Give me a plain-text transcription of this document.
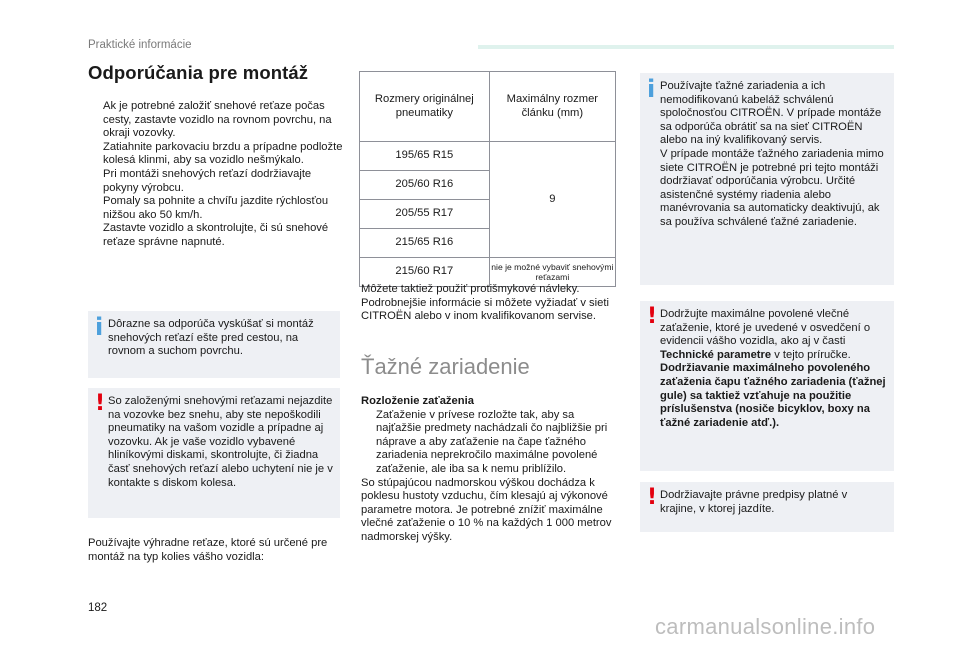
Praktické informácie
Odporúčania pre montáž
Ak je potrebné založiť snehové reťaze počas cesty, zastavte vozidlo na rovnom povrchu, na okraji vozovky.
Zatiahnite parkovaciu brzdu a prípadne podložte kolesá klinmi, aby sa vozidlo nešmýkalo.
Pri montáži snehových reťazí dodržiavajte pokyny výrobcu.
Pomaly sa pohnite a chvíľu jazdite rýchlosťou nižšou ako 50 km/h.
Zastavte vozidlo a skontrolujte, či sú snehové reťaze správne napnuté.
i Dôrazne sa odporúča vyskúšať si montáž snehových reťazí ešte pred cestou, na rovnom a suchom povrchu.
! So založenými snehovými reťazami nejazdite na vozovke bez snehu, aby ste nepoškodili pneumatiky na vašom vozidle a prípadne aj vozovku. Ak je vaše vozidlo vybavené hliníkovými diskami, skontrolujte, či žiadna časť snehových reťazí alebo uchytení nie je v kontakte s diskom kolesa.
Používajte výhradne reťaze, ktoré sú určené pre montáž na typ kolies vášho vozidla:
Rozmery originálnej pneumatiky	Maximálny rozmer článku (mm)
195/65 R15	9
205/60 R16	
205/55 R17	
215/65 R16	
215/60 R17	nie je možné vybaviť snehovými reťazami
Môžete taktiež použiť protišmykové návleky. Podrobnejšie informácie si môžete vyžiadať v sieti CITROËN alebo v inom kvalifikovanom servise.
Ťažné zariadenie
Rozloženie zaťaženia
Zaťaženie v prívese rozložte tak, aby sa najťažšie predmety nachádzali čo najbližšie pri náprave a aby zaťaženie na čape ťažného zariadenia neprekročilo maximálne povolené zaťaženie, ale iba sa k nemu priblížilo.
So stúpajúcou nadmorskou výškou dochádza k poklesu hustoty vzduchu, čím klesajú aj výkonové parametre motora. Je potrebné znížiť maximálne vlečné zaťaženie o 10 % na každých 1 000 metrov nadmorskej výšky.
i Používajte ťažné zariadenia a ich nemodifikovanú kabeláž schválenú spoločnosťou CITROËN. V prípade montáže sa odporúča obrátiť sa na sieť CITROËN alebo na iný kvalifikovaný servis.
V prípade montáže ťažného zariadenia mimo siete CITROËN je potrebné pri tejto montáži dodržiavať odporúčania výrobcu. Určité asistenčné systémy riadenia alebo manévrovania sa automaticky deaktivujú, ak sa používa schválené ťažné zariadenie.
! Dodržujte maximálne povolené vlečné zaťaženie, ktoré je uvedené v osvedčení o evidencii vášho vozidla, ako aj v časti Technické parametre v tejto príručke.
Dodržiavanie maximálneho povoleného zaťaženia čapu ťažného zariadenia (ťažnej gule) sa taktiež vzťahuje na použitie príslušenstva (nosiče bicyklov, boxy na ťažné zariadenie atď.).
! Dodržiavajte právne predpisy platné v krajine, v ktorej jazdíte.
182
carmanualsonline.info
